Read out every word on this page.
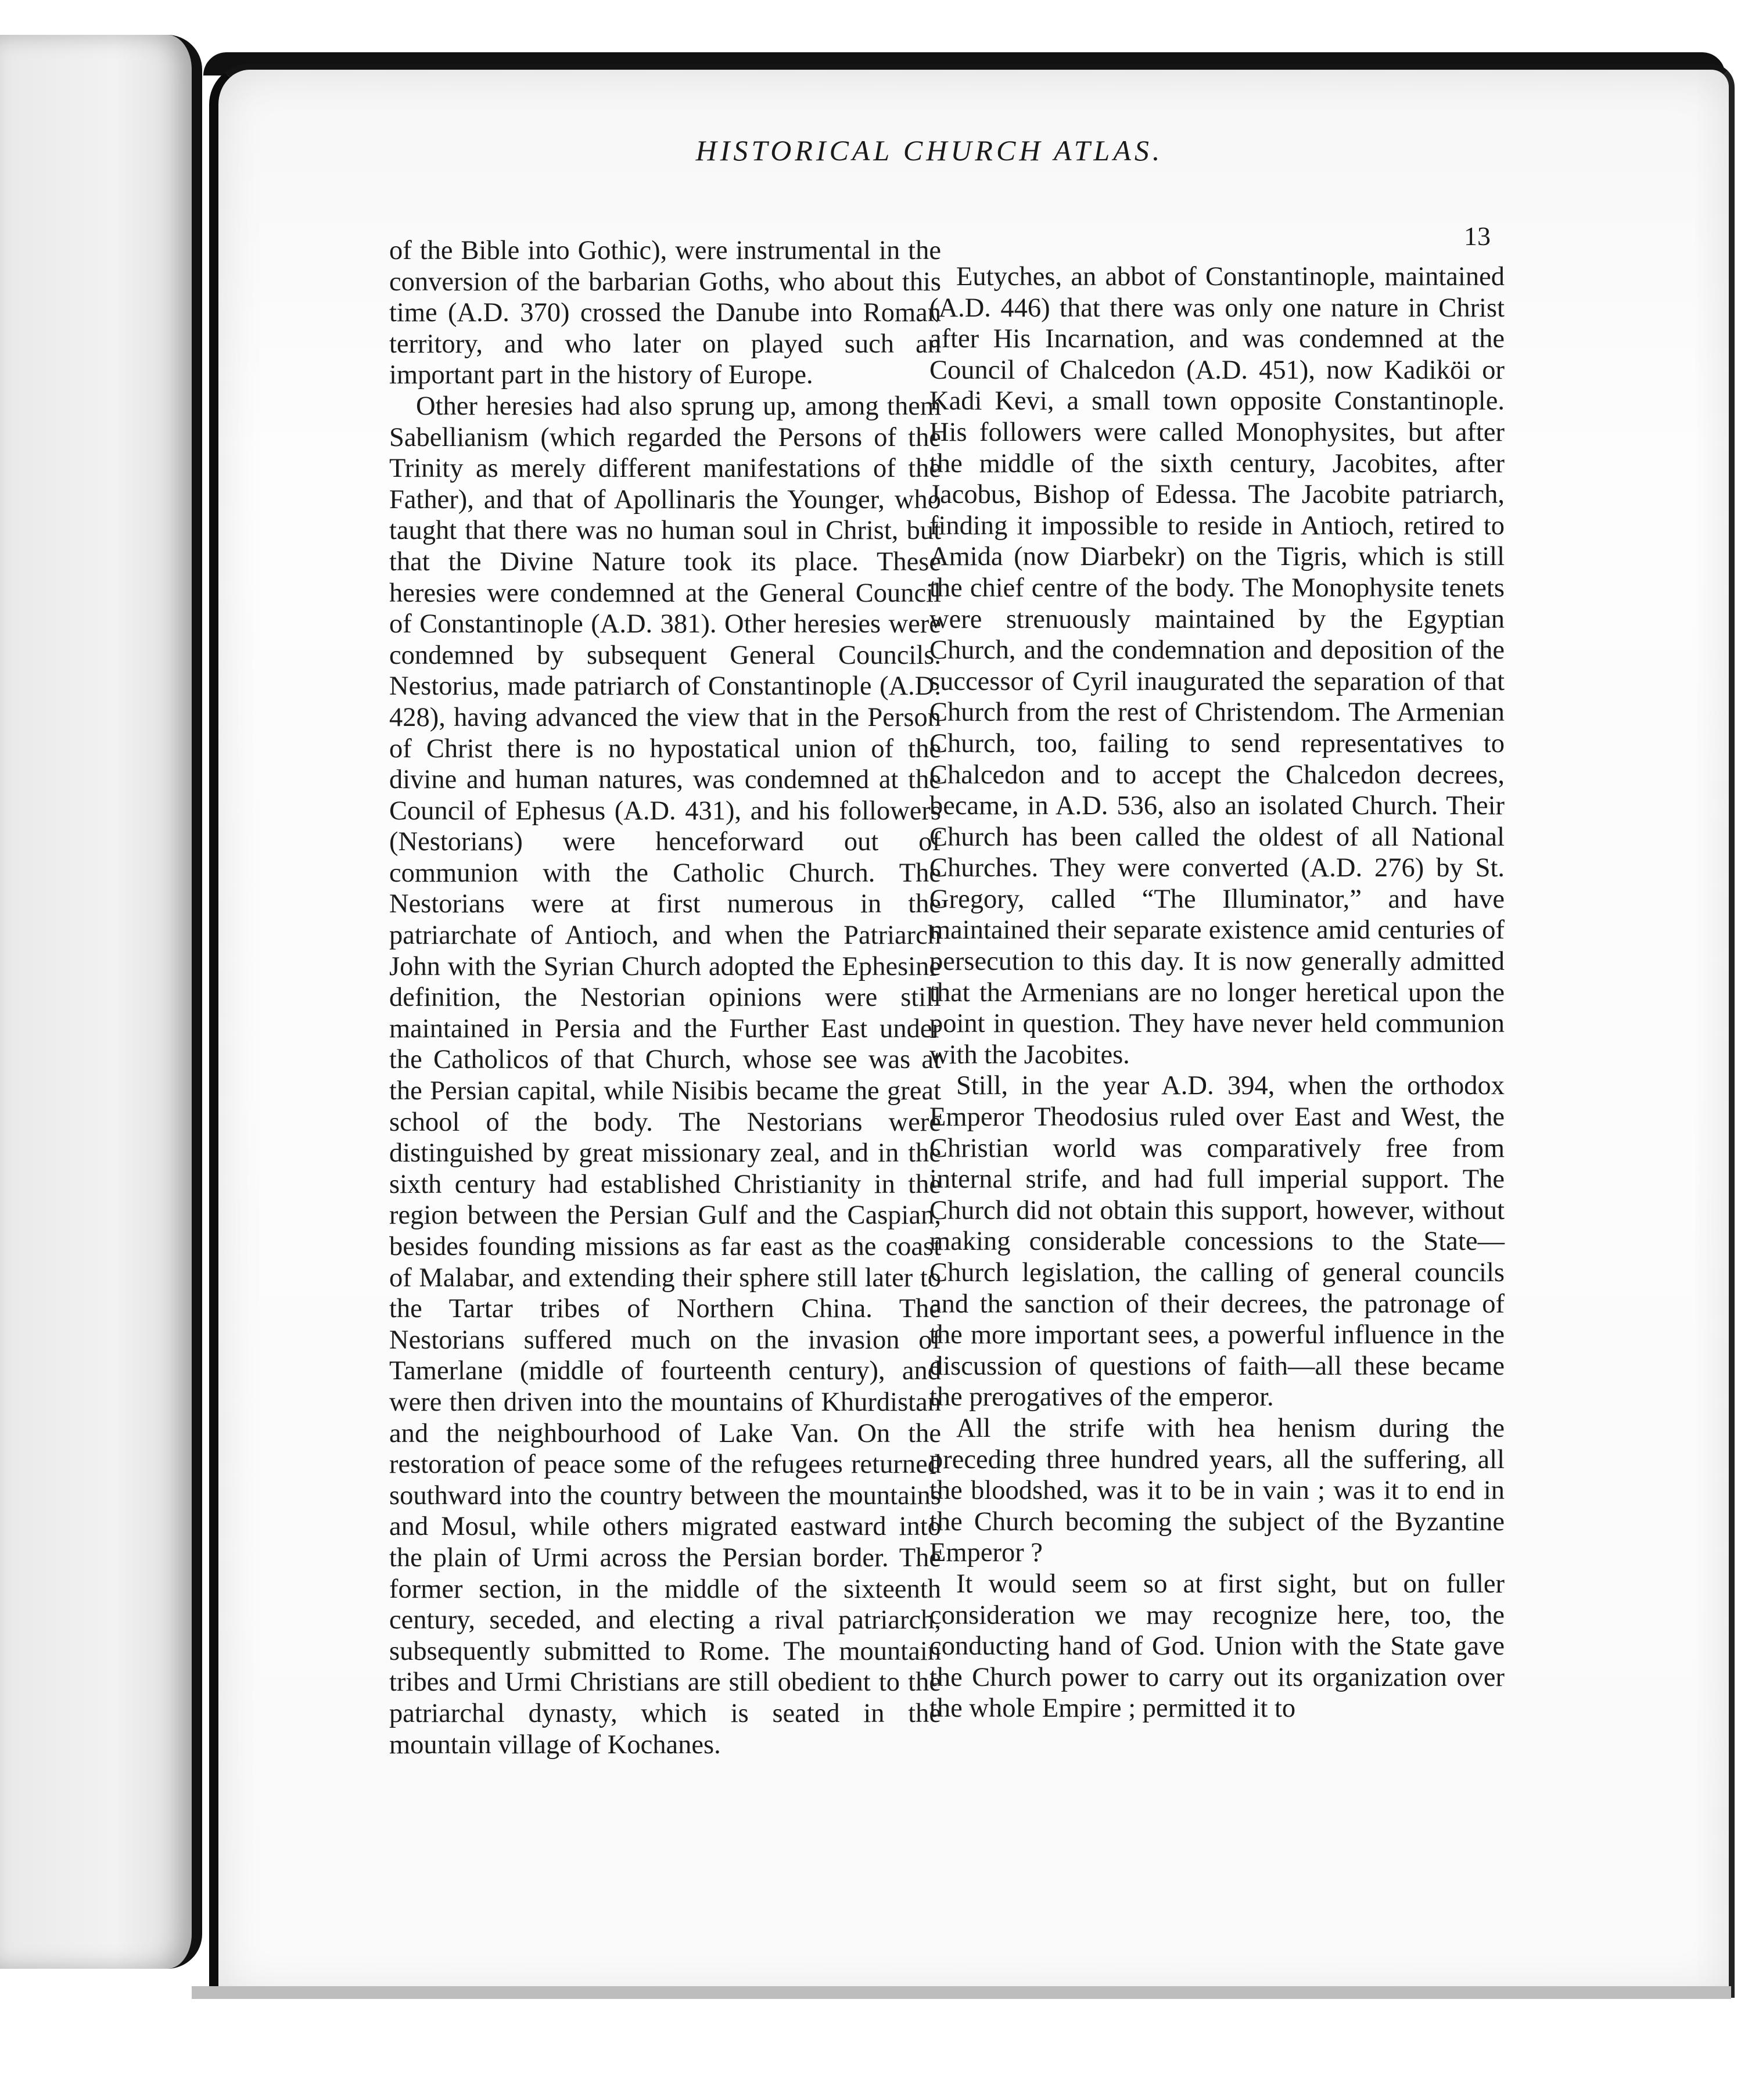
HISTORICAL CHURCH ATLAS.
13

of the Bible into Gothic), were instrumental in the conversion of the barbarian Goths, who about this time (A.D. 370) crossed the Danube into Roman territory, and who later on played such an important part in the history of Europe.

Other heresies had also sprung up, among them Sabellianism (which regarded the Persons of the Trinity as merely different manifestations of the Father), and that of Apollinaris the Younger, who taught that there was no human soul in Christ, but that the Divine Nature took its place. These heresies were condemned at the General Council of Constantinople (A.D. 381). Other heresies were condemned by subsequent General Councils. Nestorius, made patriarch of Constantinople (A.D. 428), having advanced the view that in the Person of Christ there is no hypostatical union of the divine and human natures, was condemned at the Council of Ephesus (A.D. 431), and his followers (Nestorians) were henceforward out of communion with the Catholic Church. The Nestorians were at first numerous in the patriarchate of Antioch, and when the Patriarch John with the Syrian Church adopted the Ephesine definition, the Nestorian opinions were still maintained in Persia and the Further East under the Catholicos of that Church, whose see was at the Persian capital, while Nisibis became the great school of the body. The Nestorians were distinguished by great missionary zeal, and in the sixth century had established Christianity in the region between the Persian Gulf and the Caspian, besides founding missions as far east as the coast of Malabar, and extending their sphere still later to the Tartar tribes of Northern China. The Nestorians suffered much on the invasion of Tamerlane (middle of fourteenth century), and were then driven into the mountains of Khurdistan and the neighbourhood of Lake Van. On the restoration of peace some of the refugees returned southward into the country between the mountains and Mosul, while others migrated eastward into the plain of Urmi across the Persian border. The former section, in the middle of the sixteenth century, seceded, and electing a rival patriarch, subsequently submitted to Rome. The mountain tribes and Urmi Christians are still obedient to the patriarchal dynasty, which is seated in the mountain village of Kochanes.

Eutyches, an abbot of Constantinople, maintained (A.D. 446) that there was only one nature in Christ after His Incarnation, and was condemned at the Council of Chalcedon (A.D. 451), now Kadiköi or Kadi Kevi, a small town opposite Constantinople. His followers were called Monophysites, but after the middle of the sixth century, Jacobites, after Jacobus, Bishop of Edessa. The Jacobite patriarch, finding it impossible to reside in Antioch, retired to Amida (now Diarbekr) on the Tigris, which is still the chief centre of the body. The Monophysite tenets were strenuously maintained by the Egyptian Church, and the condemnation and deposition of the successor of Cyril inaugurated the separation of that Church from the rest of Christendom. The Armenian Church, too, failing to send representatives to Chalcedon and to accept the Chalcedon decrees, became, in A.D. 536, also an isolated Church. Their Church has been called the oldest of all National Churches. They were converted (A.D. 276) by St. Gregory, called “The Illuminator,” and have maintained their separate existence amid centuries of persecution to this day. It is now generally admitted that the Armenians are no longer heretical upon the point in question. They have never held communion with the Jacobites.

Still, in the year A.D. 394, when the orthodox Emperor Theodosius ruled over East and West, the Christian world was comparatively free from internal strife, and had full imperial support. The Church did not obtain this support, however, without making considerable concessions to the State—Church legislation, the calling of general councils and the sanction of their decrees, the patronage of the more important sees, a powerful influence in the discussion of questions of faith—all these became the prerogatives of the emperor.

All the strife with hea henism during the preceding three hundred years, all the suffering, all the bloodshed, was it to be in vain ; was it to end in the Church becoming the subject of the Byzantine Emperor ?

It would seem so at first sight, but on fuller consideration we may recognize here, too, the conducting hand of God. Union with the State gave the Church power to carry out its organization over the whole Empire ; permitted it to
